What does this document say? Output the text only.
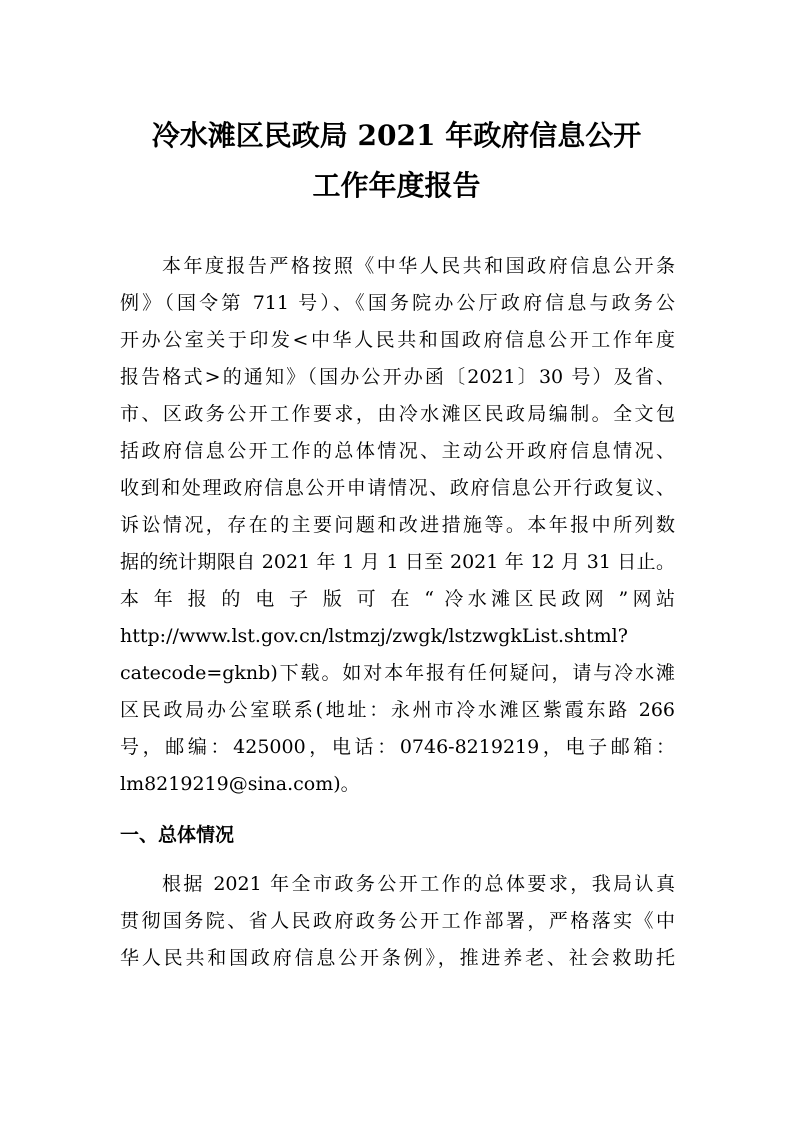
冷水滩区民政局 2021 年政府信息公开
工作年度报告
本年度报告严格按照《中华人民共和国政府信息公开条
例》（国令第 711 号）、《国务院办公厅政府信息与政务公
开办公室关于印发<中华人民共和国政府信息公开工作年度
报告格式>的通知》（国办公开办函〔2021〕30 号）及省、
市、区政务公开工作要求，由冷水滩区民政局编制。全文包
括政府信息公开工作的总体情况、主动公开政府信息情况、
收到和处理政府信息公开申请情况、政府信息公开行政复议、
诉讼情况，存在的主要问题和改进措施等。本年报中所列数
据的统计期限自 2021 年 1 月 1 日至 2021 年 12 月 31 日止。
本 年 报 的 电 子 版 可 在 “ 冷水滩区民政网 ”网站
http://www.lst.gov.cn/lstmzj/zwgk/lstzwgkList.shtml?
catecode=gknb)下载。如对本年报有任何疑问，请与冷水滩
区民政局办公室联系(地址：永州市冷水滩区紫霞东路 266
号，邮编：425000，电话：0746-8219219，电子邮箱：
lm8219219@sina.com)。
一、总体情况
根据 2021 年全市政务公开工作的总体要求，我局认真
贯彻国务院、省人民政府政务公开工作部署，严格落实《中
华人民共和国政府信息公开条例》，推进养老、社会救助托
